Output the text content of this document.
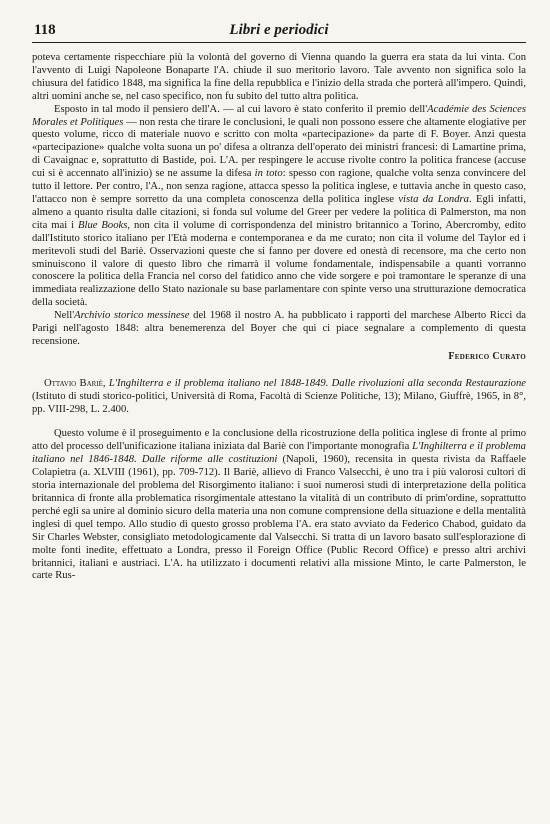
118	Libri e periodici

poteva certamente rispecchiare più la volontà del governo di Vienna quando la guerra era stata da lui vinta. Con l'avvento di Luigi Napoleone Bonaparte l'A. chiude il suo meritorio lavoro. Tale avvento non significa solo la chiusura del fatidico 1848, ma significa la fine della repubblica e l'inizio della strada che porterà all'impero. Quindi, altri uomini anche se, nel caso specifico, non fu subito del tutto altra politica.

Esposto in tal modo il pensiero dell'A. — al cui lavoro è stato conferito il premio dell'Académie des Sciences Morales et Politiques — non resta che tirare le conclusioni, le quali non possono essere che altamente elogiative per questo volume, ricco di materiale nuovo e scritto con molta «partecipazione» da parte di F. Boyer. Anzi questa «partecipazione» qualche volta suona un po' difesa a oltranza dell'operato dei ministri francesi: di Lamartine prima, di Cavaignac e, soprattutto di Bastide, poi. L'A. per respingere le accuse rivolte contro la politica francese (accuse cui si è accennato all'inizio) se ne assume la difesa in toto: spesso con ragione, qualche volta senza convincere del tutto il lettore. Per contro, l'A., non senza ragione, attacca spesso la politica inglese, e tuttavia anche in questo caso, l'attacco non è sempre sorretto da una completa conoscenza della politica inglese vista da Londra. Egli infatti, almeno a quanto risulta dalle citazioni, si fonda sul volume del Greer per vedere la politica di Palmerston, ma non cita mai i Blue Books, non cita il volume di corrispondenza del ministro britannico a Torino, Abercromby, edito dall'Istituto storico italiano per l'Età moderna e contemporanea e da me curato; non cita il volume del Taylor ed i meritevoli studi del Bariè. Osservazioni queste che si fanno per dovere ed onestà di recensore, ma che certo non sminuiscono il valore di questo libro che rimarrà il volume fondamentale, indispensabile a quanti vorranno conoscere la politica della Francia nel corso del fatidico anno che vide sorgere e poi tramontare le speranze di una immediata realizzazione dello Stato nazionale su base parlamentare con spinte verso una strutturazione democratica della società.

Nell'Archivio storico messinese del 1968 il nostro A. ha pubblicato i rapporti del marchese Alberto Ricci da Parigi nell'agosto 1848: altra benemerenza del Boyer che qui ci piace segnalare a complemento di questa recensione.

Federico Curato

Ottavio Bariè, L'Inghilterra e il problema italiano nel 1848-1849. Dalle rivoluzioni alla seconda Restaurazione (Istituto di studi storico-politici, Università di Roma, Facoltà di Scienze Politiche, 13); Milano, Giuffrè, 1965, in 8°, pp. VIII-298, L. 2.400.

Questo volume è il proseguimento e la conclusione della ricostruzione della politica inglese di fronte al primo atto del processo dell'unificazione italiana iniziata dal Bariè con l'importante monografia L'Inghilterra e il problema italiano nel 1846-1848. Dalle riforme alle costituzioni (Napoli, 1960), recensita in questa rivista da Raffaele Colapietra (a. XLVIII (1961), pp. 709-712). Il Bariè, allievo di Franco Valsecchi, è uno tra i più valorosi cultori di storia internazionale del problema del Risorgimento italiano: i suoi numerosi studi di interpretazione della politica britannica di fronte alla problematica risorgimentale attestano la vitalità di un contributo di prim'ordine, soprattutto perché egli sa unire al dominio sicuro della materia una non comune comprensione della situazione e della mentalità inglesi di quel tempo. Allo studio di questo grosso problema l'A. era stato avviato da Federico Chabod, guidato da Sir Charles Webster, consigliato metodologicamente dal Valsecchi. Si tratta di un lavoro basato sull'esplorazione di molte fonti inedite, effettuato a Londra, presso il Foreign Office (Public Record Office) e presso altri archivi britannici, italiani e austriaci. L'A. ha utilizzato i documenti relativi alla missione Minto, le carte Palmerston, le carte Rus-
